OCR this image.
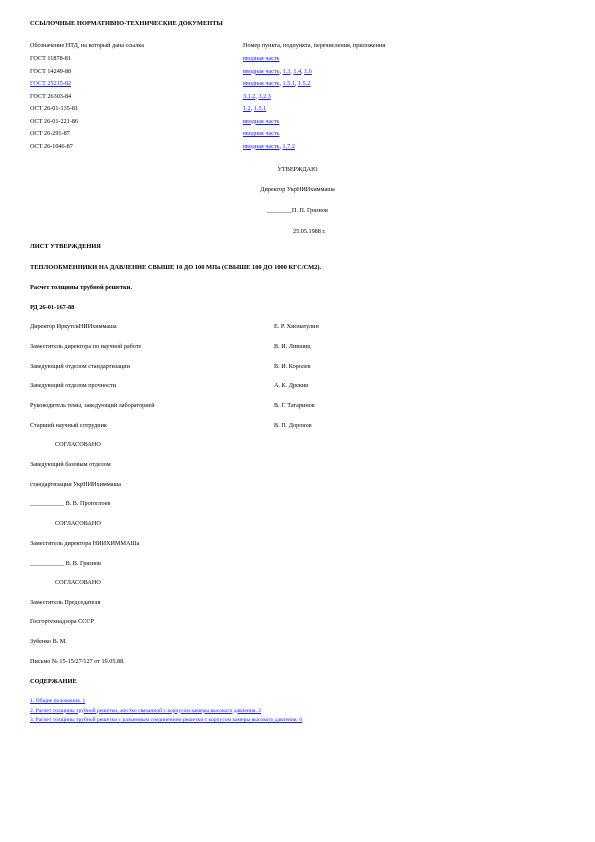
ССЫЛОЧНЫЕ НОРМАТИВНО-ТЕХНИЧЕСКИЕ ДОКУМЕНТЫ
Обозначение НТД, на который дана ссылка	Номер пункта, подпункта, перечисления, приложения
ГОСТ 11878-81	вводная часть
ГОСТ 14249-80	вводная часть, 1.3, 1.4, 1.6
ГОСТ 25215-82	вводная часть, 1.5.1, 1.5.2
ГОСТ 26303-84	3.1.2, 3.2.3
ОСТ 26-01-135-81	1.2, 1.5.1
ОСТ 26-01-221-86	вводная часть
ОСТ 26-291-87	вводная часть
ОСТ 26-1046-87	вводная часть, 1.7.2
УТВЕРЖДАЮ
Директор УкрНИИхиммаша
________П. П. Грязнов
25.05.1988 г.
ЛИСТ УТВЕРЖДЕНИЯ
ТЕПЛООБМЕННИКИ НА ДАВЛЕНИЕ СВЫШЕ 10 ДО 100 МПа (СВЫШЕ 100 ДО 1000 КГС/СМ2).
Расчет толщины трубной решетки.
РД 26-01-167-88
Директор ИркутскНИИхиммаша	Е. Р. Хисматулин
Заместитель директора по научной работе	В. И. Лившиц
Заведующий отделом стандартизации	В. И. Королев
Заведующий отделом прочности	А. К. Дрекин
Руководитель темы, заведующий лабораторией	В. Г. Татаринов
Старший научный сотрудник	В. П. Доронов
СОГЛАСОВАНО
Заведующий базовым отделом
стандартизации УкрНИИхиммаша
___________ В. В. Прогоглоев
СОГЛАСОВАНО
Заместитель директора НИИХИММАШа
___________ В. В. Грязнов
СОГЛАСОВАНО
Заместитель Председателя
Госгортехнадзора СССР
Зубенко В. М.
Письмо № 15-15/27/127 от 19.05.88.
СОДЕРЖАНИЕ
1. Общие положения. 1
2. Расчет толщины трубной решетки, жестко связанной с корпусом камеры высокого давления. 2
3. Расчет толщины трубной решетки с разъемным соединением решетки с корпусом камеры высокого давления. 6
